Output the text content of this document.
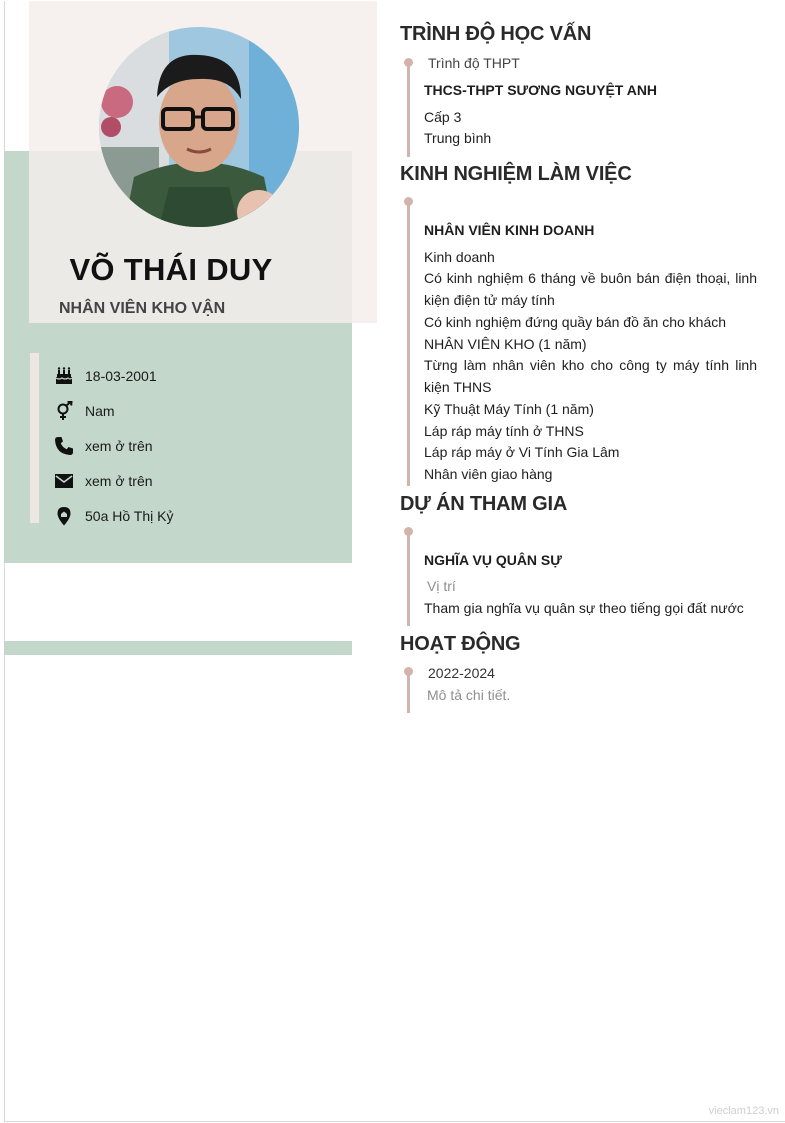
VÕ THÁI DUY
NHÂN VIÊN KHO VẬN
18-03-2001
Nam
xem ở trên
xem ở trên
50a Hồ Thị Kỷ
TRÌNH ĐỘ HỌC VẤN
Trình độ THPT
THCS-THPT SƯƠNG NGUYỆT ANH
Cấp 3
Trung bình
KINH NGHIỆM LÀM VIỆC
NHÂN VIÊN KINH DOANH
Kinh doanh
Có kinh nghiệm 6 tháng về buôn bán điện thoại, linh kiện điện tử máy tính
Có kinh nghiệm đứng quầy bán đồ ăn cho khách
NHÂN VIÊN KHO (1 năm)
Từng làm nhân viên kho cho công ty máy tính linh kiện THNS
Kỹ Thuật Máy Tính (1 năm)
Láp ráp máy tính ở THNS
Láp ráp máy ở Vi Tính Gia Lâm
Nhân viên giao hàng
DỰ ÁN THAM GIA
NGHĨA VỤ QUÂN SỰ
Vị trí
Tham gia nghĩa vụ quân sự theo tiếng gọi đất nước
HOẠT ĐỘNG
2022-2024
Mô tả chi tiết.
vieclam123.vn
